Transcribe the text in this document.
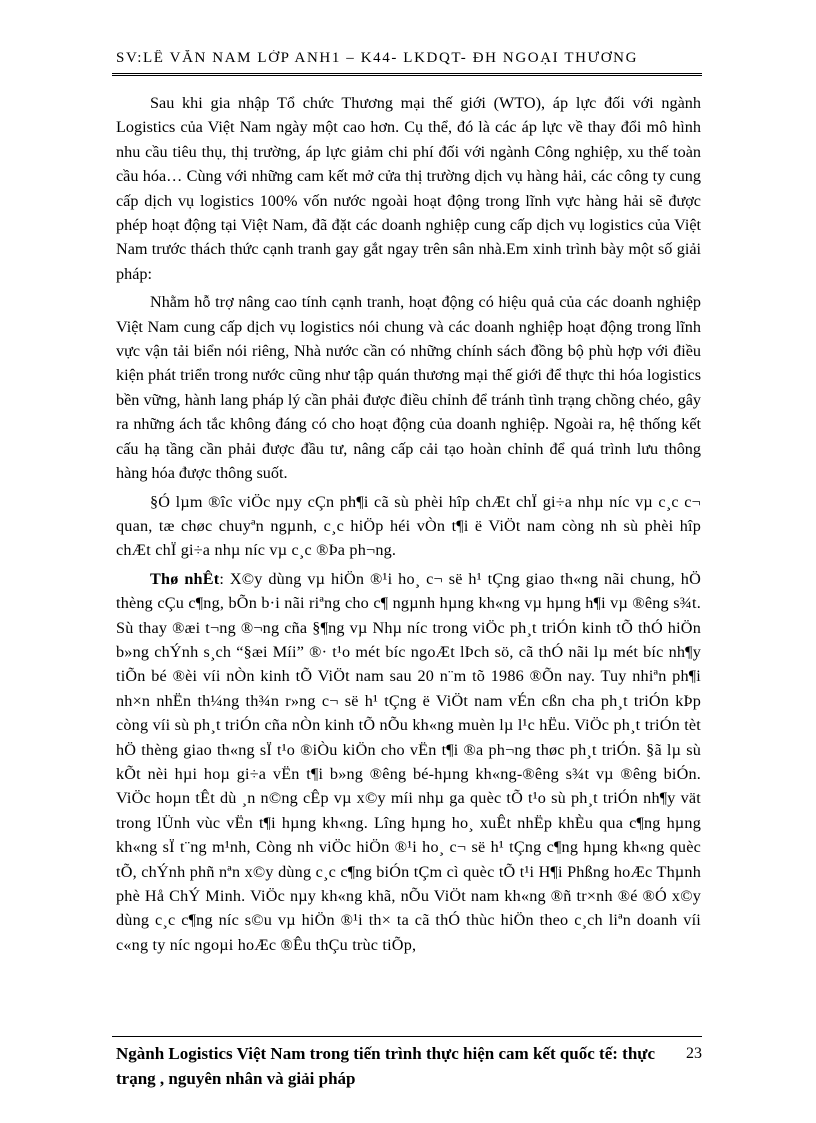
SV:LÊ VĂN NAM LỚP ANH1 – K44- LKDQT- ĐH NGOẠI THƯƠNG

Sau khi gia nhập Tổ chức Thương mại thế giới (WTO), áp lực đối với ngành Logistics của Việt Nam ngày một cao hơn. Cụ thể, đó là các áp lực về thay đổi mô hình nhu cầu tiêu thụ, thị trường, áp lực giảm chi phí đối với ngành Công nghiệp, xu thế toàn cầu hóa… Cùng với những cam kết mở cửa thị trường dịch vụ hàng hải, các công ty cung cấp dịch vụ logistics 100% vốn nước ngoài hoạt động trong lĩnh vực hàng hải sẽ được phép hoạt động tại Việt Nam, đã đặt các doanh nghiệp cung cấp dịch vụ logistics của Việt Nam trước thách thức cạnh tranh gay gắt ngay trên sân nhà.Em xinh trình bày một số giải pháp:

Nhằm hỗ trợ nâng cao tính cạnh tranh, hoạt động có hiệu quả của các doanh nghiệp Việt Nam cung cấp dịch vụ logistics nói chung và các doanh nghiệp hoạt động trong lĩnh vực vận tải biển nói riêng, Nhà nước cần có những chính sách đồng bộ phù hợp với điều kiện phát triển trong nước cũng như tập quán thương mại thế giới để thực thi hóa logistics bền vững, hành lang pháp lý cần phải được điều chỉnh để tránh tình trạng chồng chéo, gây ra những ách tắc không đáng có cho hoạt động của doanh nghiệp. Ngoài ra, hệ thống kết cấu hạ tầng cần phải được đầu tư, nâng cấp cải tạo hoàn chỉnh để quá trình lưu thông hàng hóa được thông suốt.

§Ó lµm ®îc viÖc nµy cÇn ph¶i cã sù phèi hîp chÆt chÏ gi÷a nhµ níc vµ c¸c c¬ quan, tæ chøc chuyªn ngµnh, c¸c hiÖp héi vÒn t¶i ë ViÖt nam còng nh sù phèi hîp chÆt chÏ gi÷a nhµ níc vµ c¸c ®Þa ph¬ng.

Thø nhÊt: X©y dùng vµ hiÖn ®¹i ho¸ c¬ së h¹ tÇng giao th«ng nãi chung, hÖ thèng cÇu c¶ng, bÕn b·i nãi riªng cho c¶ ngµnh hµng kh«ng vµ hµng h¶i vµ ®êng s¾t. Sù thay ®æi t¬ng ®¬ng cña §¶ng vµ Nhµ níc trong viÖc ph¸t triÓn kinh tÕ thÓ hiÖn b»ng chÝnh s¸ch “§æi Míi” ®· t¹o mét bíc ngoÆt lÞch sö, cã thÓ nãi lµ mét bíc nh¶y tiÕn bé ®èi víi nÒn kinh tÕ ViÖt nam sau 20 n¨m tõ 1986 ®Õn nay. Tuy nhiªn ph¶i nh×n nhËn th¼ng th¾n r»ng c¬ së h¹ tÇng ë ViÖt nam vÉn cßn cha ph¸t triÓn kÞp còng víi sù ph¸t triÓn cña nÒn kinh tÕ nÕu kh«ng muèn lµ l¹c hËu. ViÖc ph¸t triÓn tèt hÖ thèng giao th«ng sÏ t¹o ®iÒu kiÖn cho vËn t¶i ®a ph¬ng thøc ph¸t triÓn. §ã lµ sù kÕt nèi hµi hoµ gi÷a vËn t¶i b»ng ®êng bé-hµng kh«ng-®êng s¾t vµ ®êng biÓn. ViÖc hoµn tÊt dù ¸n n©ng cÊp vµ x©y míi nhµ ga quèc tÕ t¹o sù ph¸t triÓn nh¶y vät trong lÜnh vùc vËn t¶i hµng kh«ng. Lîng hµng ho¸ xuÊt nhËp khÈu qua c¶ng hµng kh«ng sÏ t¨ng m¹nh, Còng nh viÖc hiÖn ®¹i ho¸ c¬ së h¹ tÇng c¶ng hµng kh«ng quèc tÕ, chÝnh phñ nªn x©y dùng c¸c c¶ng biÓn tÇm cì quèc tÕ t¹i H¶i Phßng hoÆc Thµnh phè Hå ChÝ Minh. ViÖc nµy kh«ng khã, nÕu ViÖt nam kh«ng ®ñ tr×nh ®é ®Ó x©y dùng c¸c c¶ng níc s©u vµ hiÖn ®¹i th× ta cã thÓ thùc hiÖn theo c¸ch liªn doanh víi c«ng ty níc ngoµi hoÆc ®Êu thÇu trùc tiÕp,

Ngành Logistics Việt Nam trong tiến trình thực hiện cam kết quốc tế: thực trạng , nguyên nhân và giải pháp
23
